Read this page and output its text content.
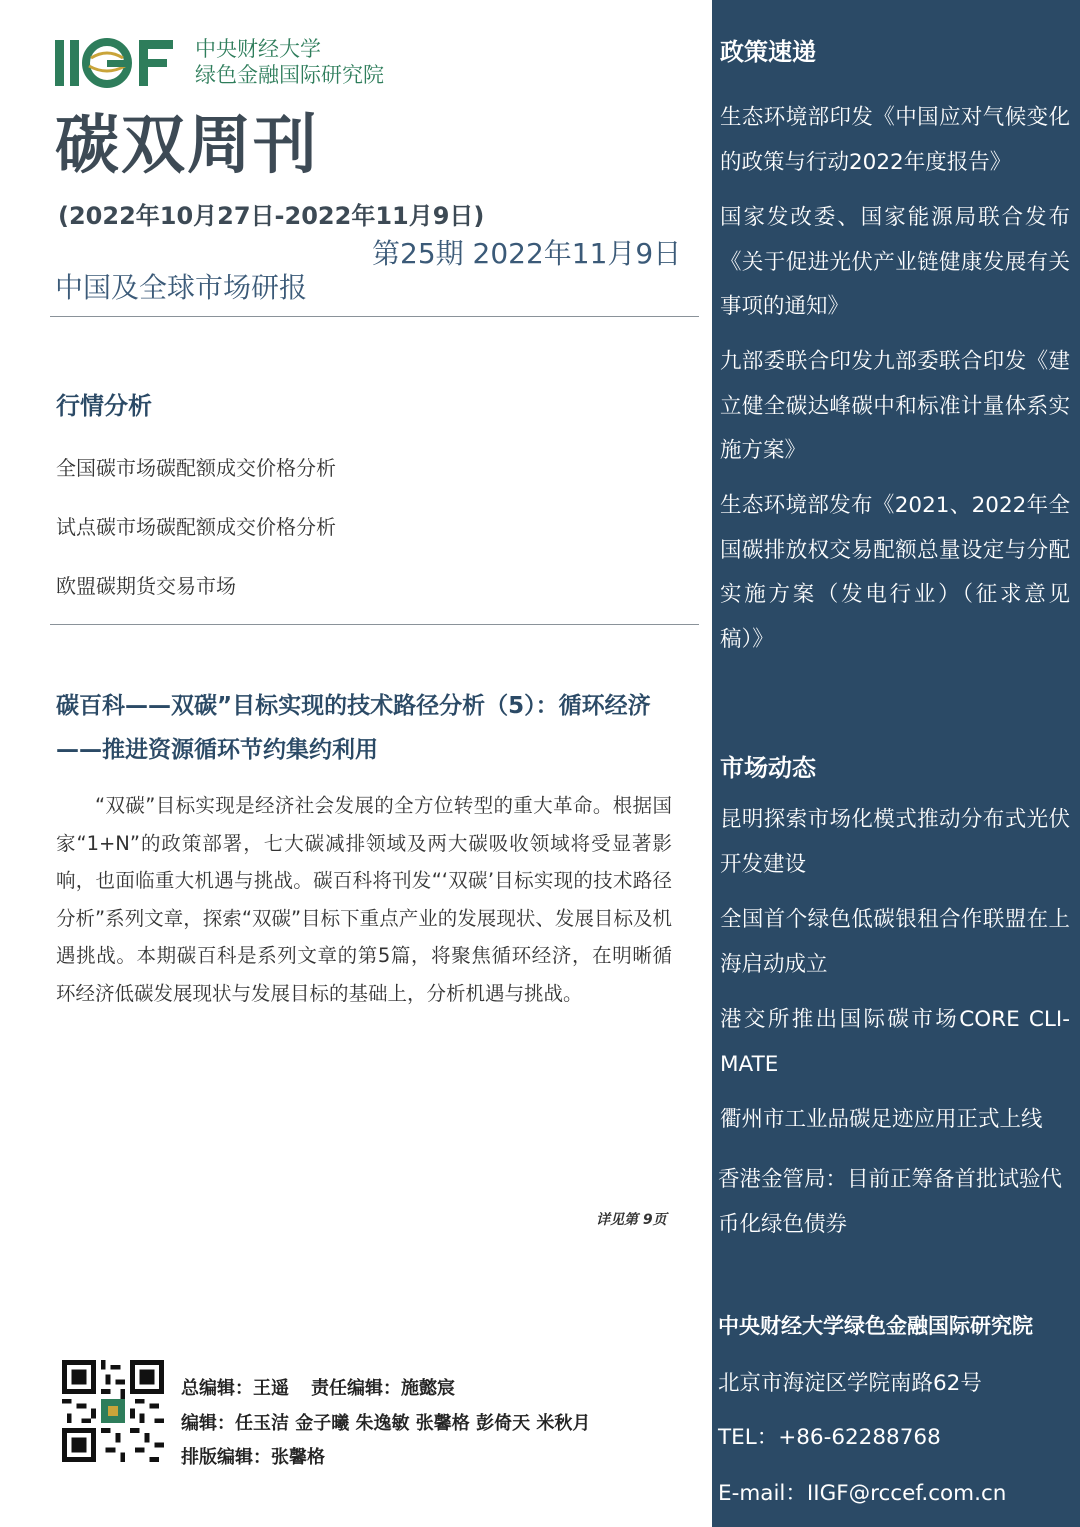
中央财经大学
绿色金融国际研究院
碳双周刊
(2022年10月27日-2022年11月9日)
第25期 2022年11月9日
中国及全球市场研报
行情分析
全国碳市场碳配额成交价格分析
试点碳市场碳配额成交价格分析
欧盟碳期货交易市场
碳百科——双碳”目标实现的技术路径分析（5）：循环经济——推进资源循环节约集约利用
“双碳”目标实现是经济社会发展的全方位转型的重大革命。根据国家“1+N”的政策部署，七大碳减排领域及两大碳吸收领域将受显著影响，也面临重大机遇与挑战。碳百科将刊发“‘双碳’目标实现的技术路径分析”系列文章，探索“双碳”目标下重点产业的发展现状、发展目标及机遇挑战。本期碳百科是系列文章的第5篇，将聚焦循环经济，在明晰循环经济低碳发展现状与发展目标的基础上，分析机遇与挑战。
详见第 9页
总编辑：王遥 责任编辑：施懿宸
编辑：任玉洁 金子曦 朱逸敏 张馨格 彭倚天 米秋月
排版编辑：张馨格
政策速递
生态环境部印发《中国应对气候变化的政策与行动2022年度报告》
国家发改委、国家能源局联合发布《关于促进光伏产业链健康发展有关事项的通知》
九部委联合印发九部委联合印发《建立健全碳达峰碳中和标准计量体系实施方案》
生态环境部发布《2021、2022年全国碳排放权交易配额总量设定与分配实施方案（发电行业）（征求意见稿）》
市场动态
昆明探索市场化模式推动分布式光伏开发建设
全国首个绿色低碳银租合作联盟在上海启动成立
港交所推出国际碳市场CORE CLI-MATE
衢州市工业品碳足迹应用正式上线
香港金管局：目前正筹备首批试验代币化绿色债券
中央财经大学绿色金融国际研究院
北京市海淀区学院南路62号
TEL：+86-62288768
E-mail：IIGF@rccef.com.cn
